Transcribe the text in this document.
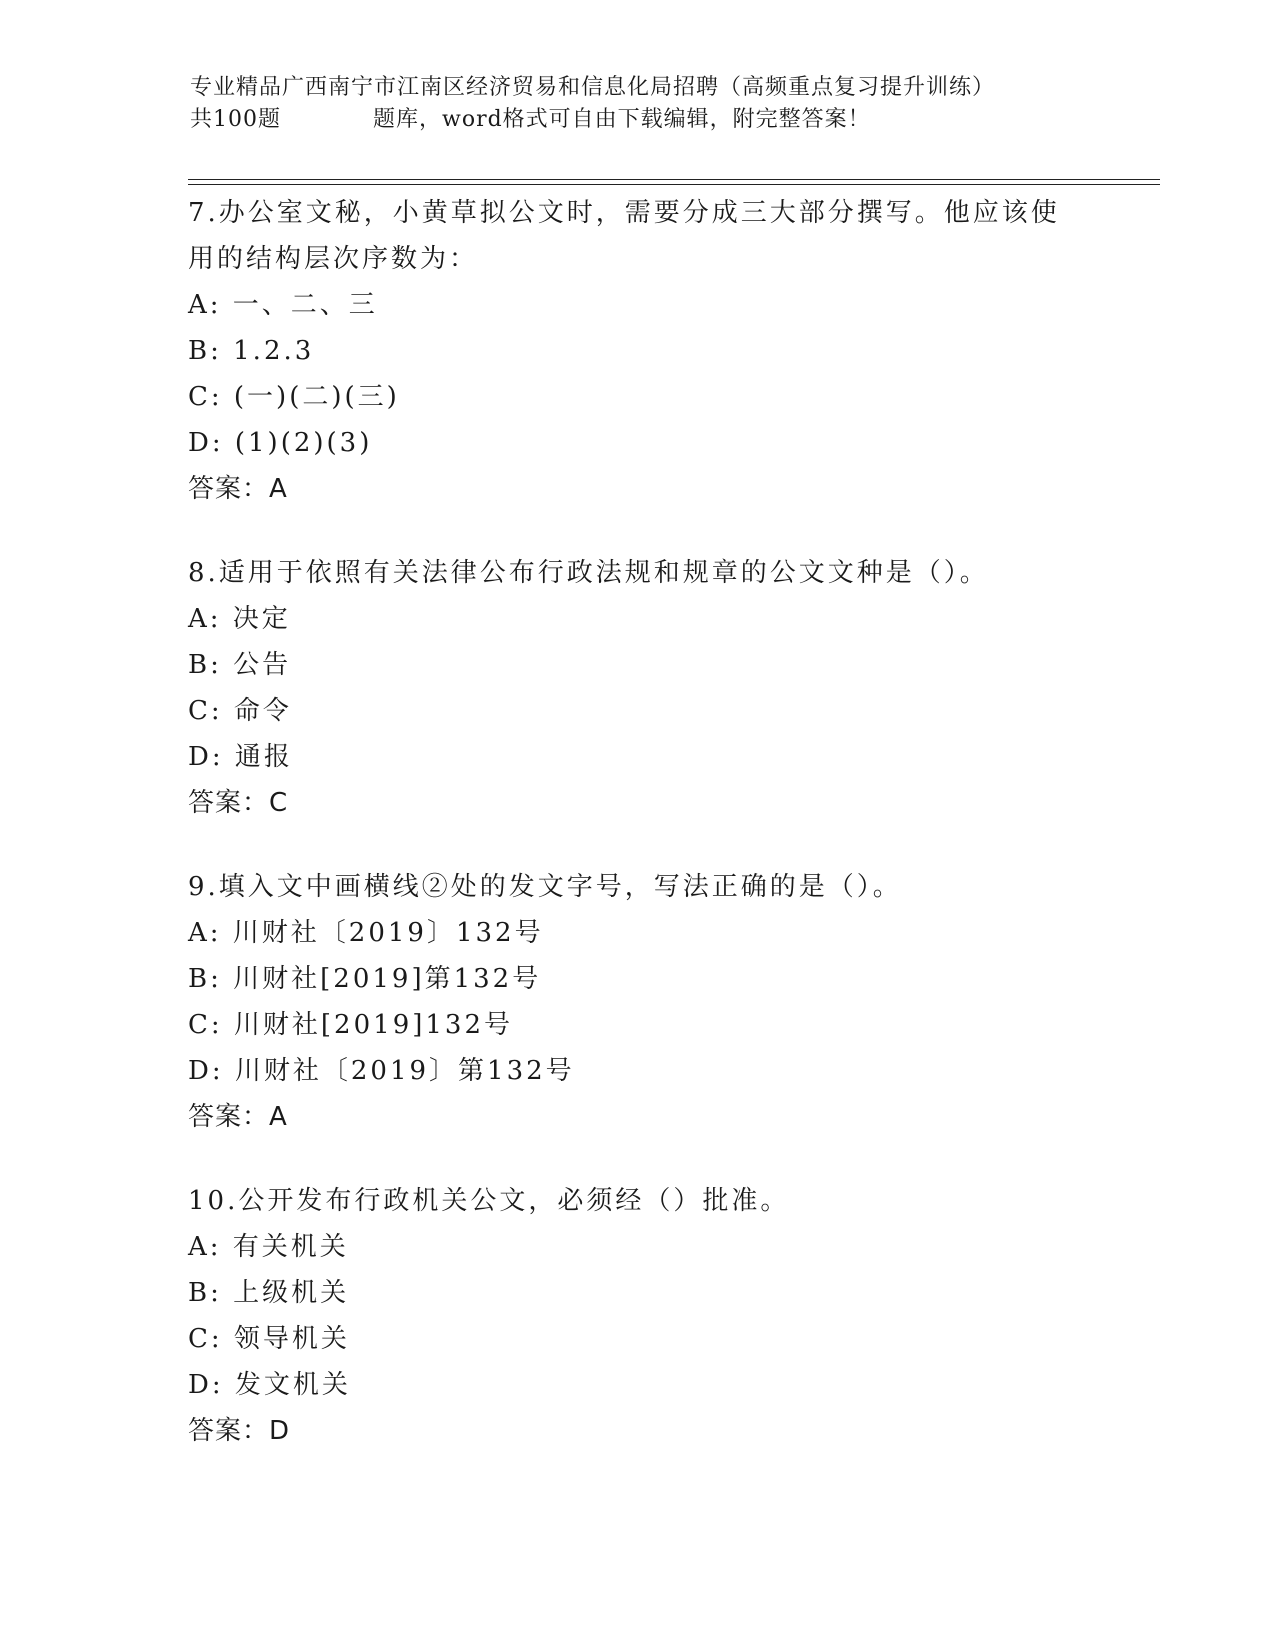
专业精品广西南宁市江南区经济贸易和信息化局招聘（高频重点复习提升训练）
共100题	题库，word格式可自由下载编辑，附完整答案！

7.办公室文秘，小黄草拟公文时，需要分成三大部分撰写。他应该使用的结构层次序数为：

A: 一、二、三

B: 1.2.3

C: (一)(二)(三)

D: (1)(2)(3)

答案：A

8.适用于依照有关法律公布行政法规和规章的公文文种是（）。

A: 决定

B: 公告

C: 命令

D: 通报

答案：C

9.填入文中画横线②处的发文字号，写法正确的是（）。

A: 川财社〔2019〕132号

B: 川财社[2019]第132号

C: 川财社[2019]132号

D: 川财社〔2019〕第132号

答案：A

10.公开发布行政机关公文，必须经（）批准。

A: 有关机关

B: 上级机关

C: 领导机关

D: 发文机关

答案：D
